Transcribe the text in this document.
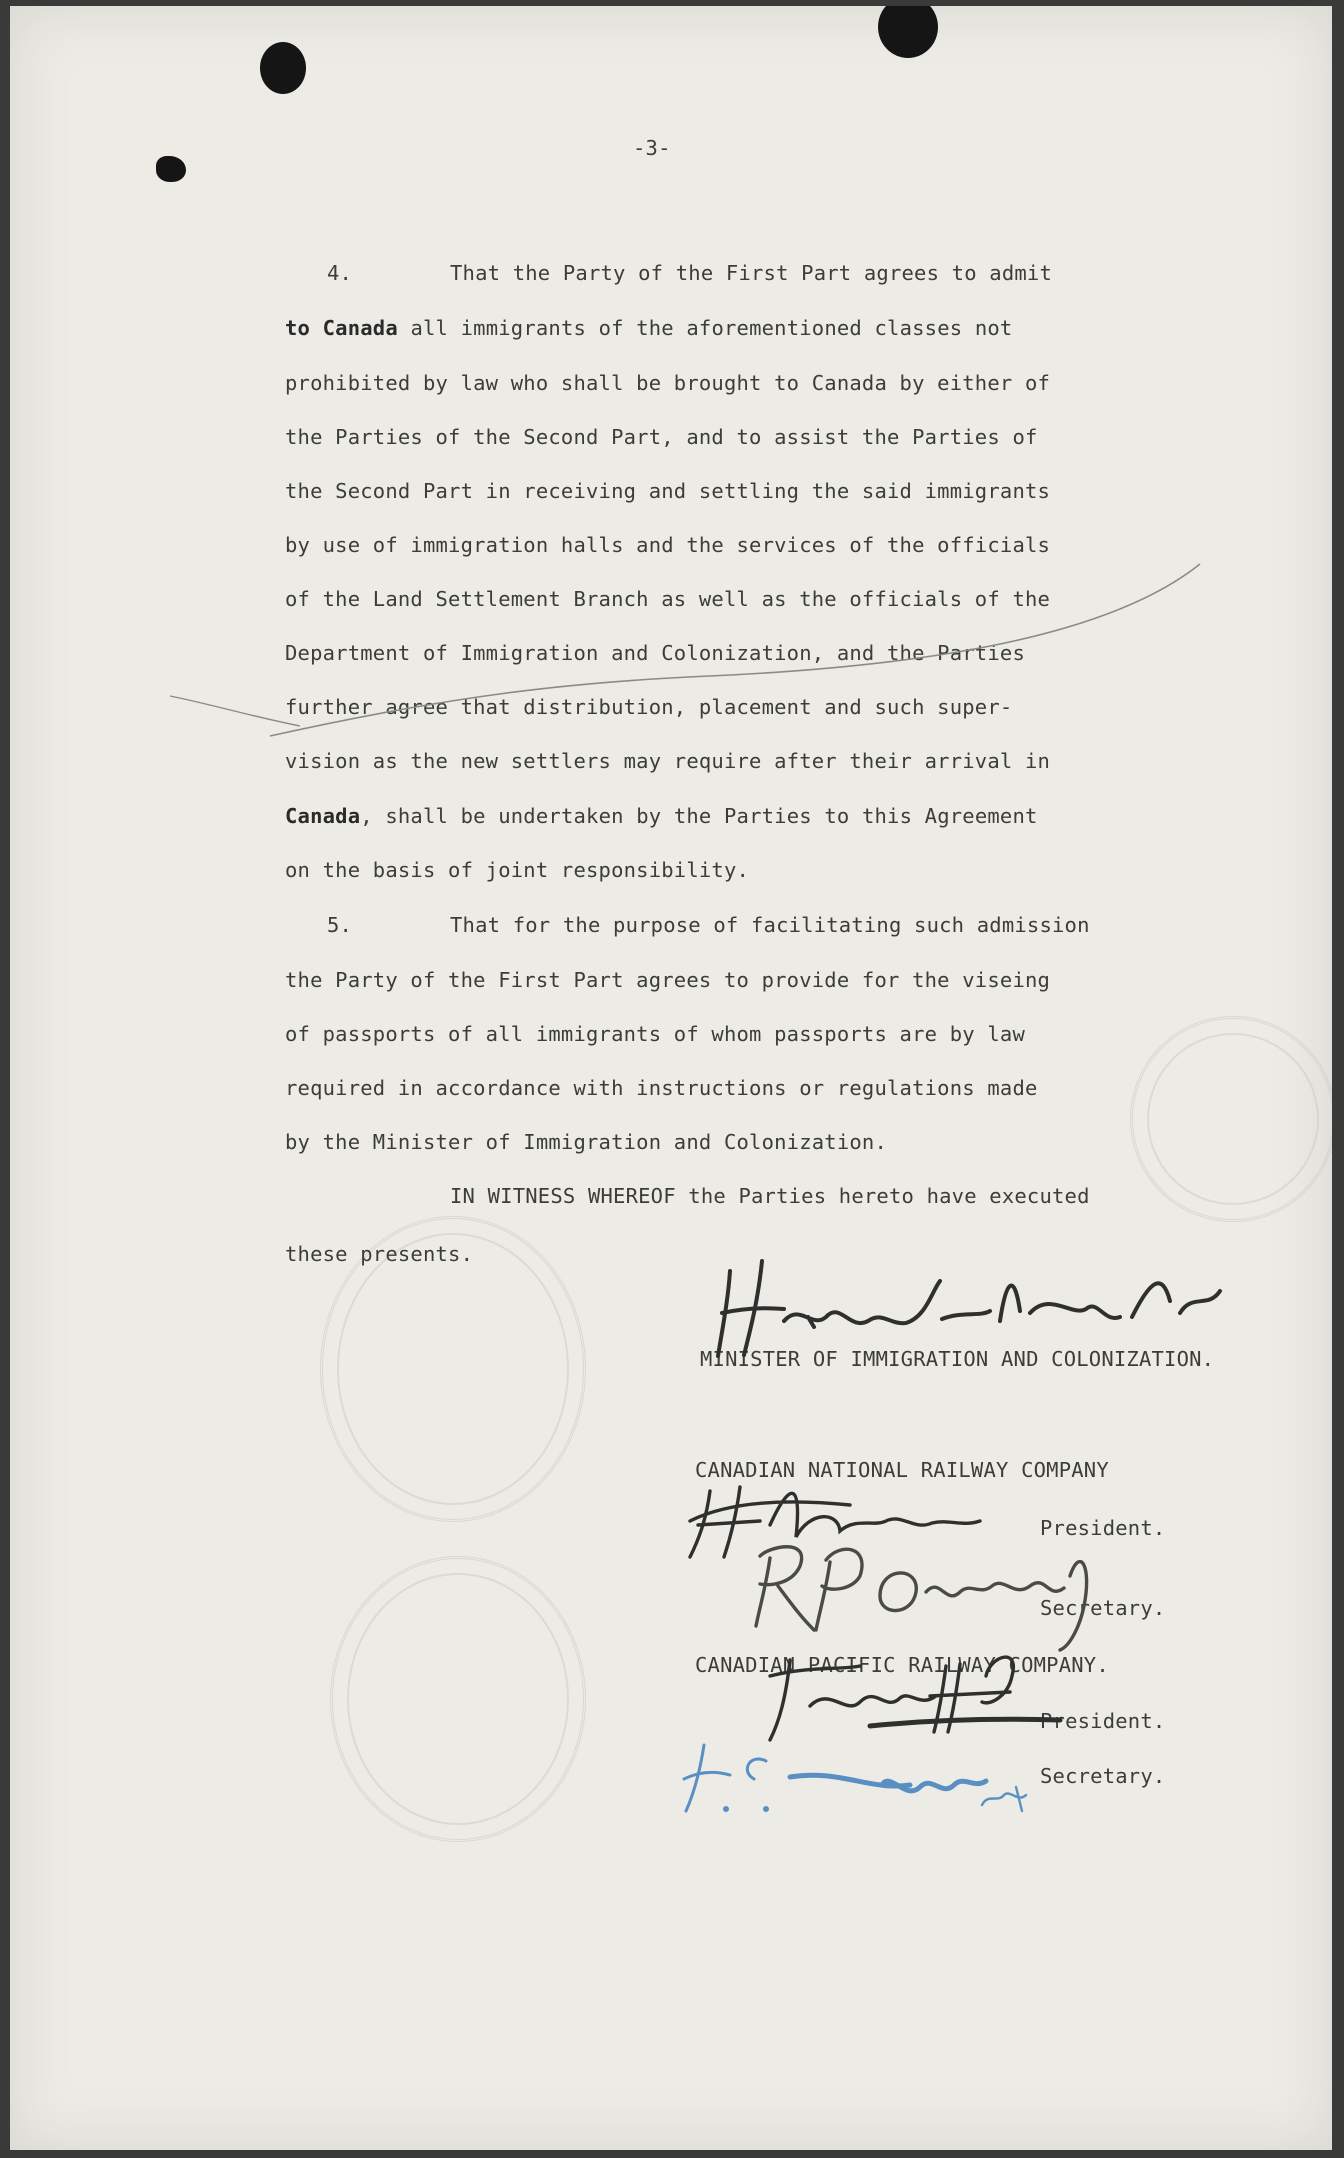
-3-
4.	That the Party of the First Part agrees to admit
to Canada all immigrants of the aforementioned classes not
prohibited by law who shall be brought to Canada by either of
the Parties of the Second Part, and to assist the Parties of
the Second Part in receiving and settling the said immigrants
by use of immigration halls and the services of the officials
of the Land Settlement Branch as well as the officials of the
Department of Immigration and Colonization, and the Parties
further agree that distribution, placement and such super-
vision as the new settlers may require after their arrival in
Canada, shall be undertaken by the Parties to this Agreement
on the basis of joint responsibility.
5.	That for the purpose of facilitating such admission
the Party of the First Part agrees to provide for the viseing
of passports of all immigrants of whom passports are by law
required in accordance with instructions or regulations made
by the Minister of Immigration and Colonization.
IN WITNESS WHEREOF the Parties hereto have executed
these presents.
MINISTER OF IMMIGRATION AND COLONIZATION.
CANADIAN NATIONAL RAILWAY COMPANY
President.
Secretary.
CANADIAN PACIFIC RAILWAY COMPANY.
President.
Secretary.
